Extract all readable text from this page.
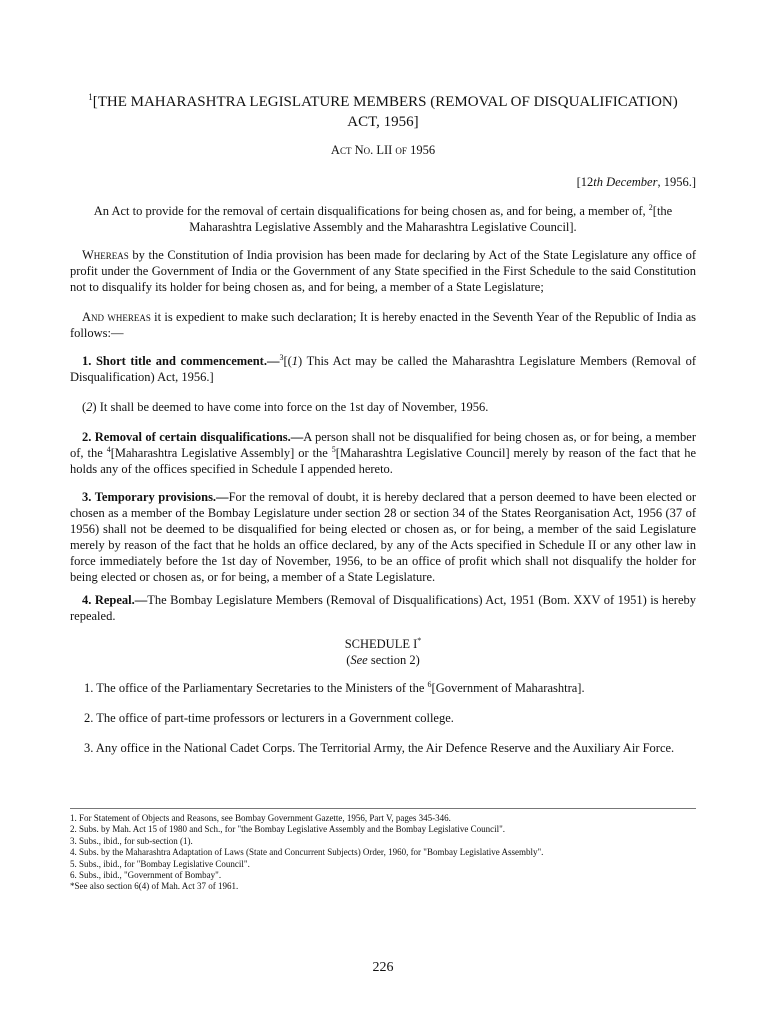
$^1$[THE MAHARASHTRA LEGISLATURE MEMBERS (REMOVAL OF DISQUALIFICATION)
ACT, 1956]
Act No. LII of 1956
[12th December, 1956.]

An Act to provide for the removal of certain disqualifications for being chosen as, and for being, a member of, $^2$[the Maharashtra Legislative Assembly and the Maharashtra Legislative Council].

Whereas by the Constitution of India provision has been made for declaring by Act of the State Legislature any office of profit under the Government of India or the Government of any State specified in the First Schedule to the said Constitution not to disqualify its holder for being chosen as, and for being, a member of a State Legislature;

And whereas it is expedient to make such declaration; It is hereby enacted in the Seventh Year of the Republic of India as follows:—

1. Short title and commencement.—$^3$[(1) This Act may be called the Maharashtra Legislature Members (Removal of Disqualification) Act, 1956.]

(2) It shall be deemed to have come into force on the 1st day of November, 1956.

2. Removal of certain disqualifications.—A person shall not be disqualified for being chosen as, or for being, a member of, the $^4$[Maharashtra Legislative Assembly] or the $^5$[Maharashtra Legislative Council] merely by reason of the fact that he holds any of the offices specified in Schedule I appended hereto.

3. Temporary provisions.—For the removal of doubt, it is hereby declared that a person deemed to have been elected or chosen as a member of the Bombay Legislature under section 28 or section 34 of the States Reorganisation Act, 1956 (37 of 1956) shall not be deemed to be disqualified for being elected or chosen as, or for being, a member of the said Legislature merely by reason of the fact that he holds an office declared, by any of the Acts specified in Schedule II or any other law in force immediately before the 1st day of November, 1956, to be an office of profit which shall not disqualify the holder for being elected or chosen as, or for being, a member of a State Legislature.

4. Repeal.—The Bombay Legislature Members (Removal of Disqualifications) Act, 1951 (Bom. XXV of 1951) is hereby repealed.

SCHEDULE I*
(See section 2)
1. The office of the Parliamentary Secretaries to the Ministers of the $^6$[Government of Maharashtra].
2. The office of part-time professors or lecturers in a Government college.
3. Any office in the National Cadet Corps. The Territorial Army, the Air Defence Reserve and the Auxiliary Air Force.
1. For Statement of Objects and Reasons, see Bombay Government Gazette, 1956, Part V, pages 345-346.
2. Subs. by Mah. Act 15 of 1980 and Sch., for "the Bombay Legislative Assembly and the Bombay Legislative Council".
3. Subs., ibid., for sub-section (1).
4. Subs. by the Maharashtra Adaptation of Laws (State and Concurrent Subjects) Order, 1960, for "Bombay Legislative Assembly".
5. Subs., ibid., for "Bombay Legislative Council".
6. Subs., ibid., "Government of Bombay".
*See also section 6(4) of Mah. Act 37 of 1961.
226
